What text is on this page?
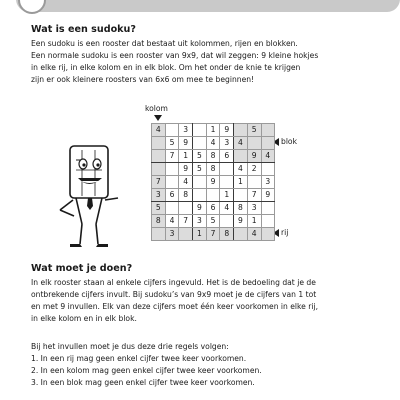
Wat is een sudoku?
Een sudoku is een rooster dat bestaat uit kolommen, rijen en blokken.
Een normale sudoku is een rooster van 9x9, dat wil zeggen: 9 kleine hokjes
in elke rij, in elke kolom en in elk blok. Om het onder de knie te krijgen
zijn er ook kleinere roosters van 6x6 om mee te beginnen!
kolom
blok
rij
4		3		1	9		5	
	5	9		4	3	4		
	7	1	5	8	6		9	4
		9	5	8		4	2	
7		4		9		1		3
3	6	8			1		7	9
5			9	6	4	8	3	
8	4	7	3	5		9	1	
	3		1	7	8		4	
Wat moet je doen?
In elk rooster staan al enkele cijfers ingevuld. Het is de bedoeling dat je de
ontbrekende cijfers invult. Bij sudoku’s van 9x9 moet je de cijfers van 1 tot
en met 9 invullen. Elk van deze cijfers moet één keer voorkomen in elke rij,
in elke kolom en in elk blok.
Bij het invullen moet je dus deze drie regels volgen:
1. In een rij mag geen enkel cijfer twee keer voorkomen.
2. In een kolom mag geen enkel cijfer twee keer voorkomen.
3. In een blok mag geen enkel cijfer twee keer voorkomen.
